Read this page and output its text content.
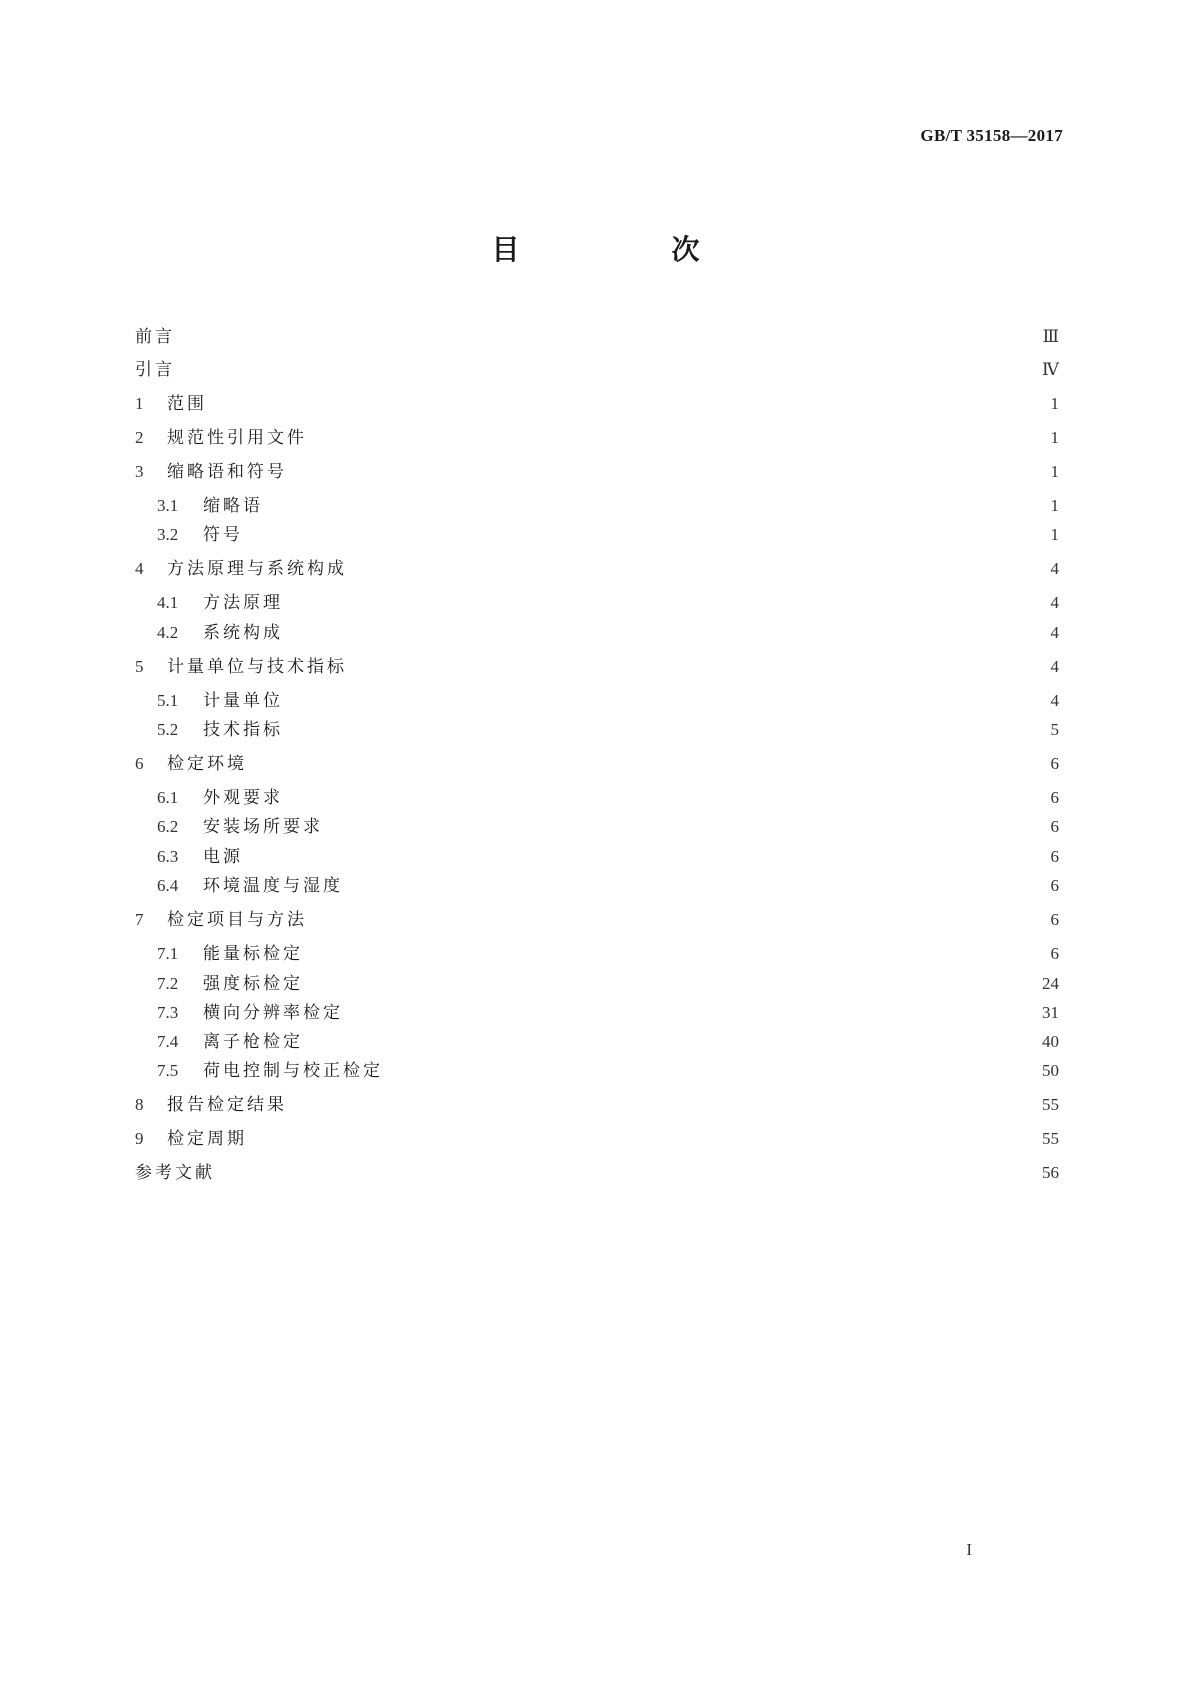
GB/T 35158—2017
目　次
前言	Ⅲ
引言	Ⅳ
1	范围	1
2	规范性引用文件	1
3	缩略语和符号	1
3.1	缩略语	1
3.2	符号	1
4	方法原理与系统构成	4
4.1	方法原理	4
4.2	系统构成	4
5	计量单位与技术指标	4
5.1	计量单位	4
5.2	技术指标	5
6	检定环境	6
6.1	外观要求	6
6.2	安装场所要求	6
6.3	电源	6
6.4	环境温度与湿度	6
7	检定项目与方法	6
7.1	能量标检定	6
7.2	强度标检定	24
7.3	横向分辨率检定	31
7.4	离子枪检定	40
7.5	荷电控制与校正检定	50
8	报告检定结果	55
9	检定周期	55
参考文献	56
I
